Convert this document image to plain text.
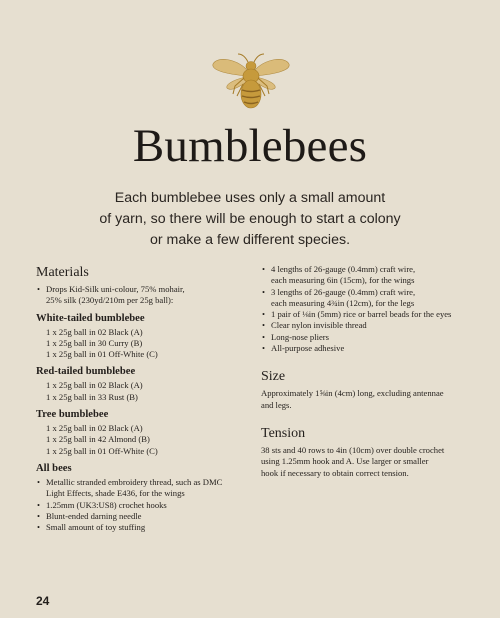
Bumblebees
Each bumblebee uses only a small amount
of yarn, so there will be enough to start a colony
or make a few different species.
Materials
• Drops Kid-Silk uni-colour, 75% mohair,
25% silk (230yd/210m per 25g ball):
White-tailed bumblebee
1 x 25g ball in 02 Black (A)
1 x 25g ball in 30 Curry (B)
1 x 25g ball in 01 Off-White (C)
Red-tailed bumblebee
1 x 25g ball in 02 Black (A)
1 x 25g ball in 33 Rust (B)
Tree bumblebee
1 x 25g ball in 02 Black (A)
1 x 25g ball in 42 Almond (B)
1 x 25g ball in 01 Off-White (C)
All bees
• Metallic stranded embroidery thread, such as DMC
Light Effects, shade E436, for the wings
• 1.25mm (UK3:US8) crochet hooks
• Blunt-ended darning needle
• Small amount of toy stuffing
• 4 lengths of 26-gauge (0.4mm) craft wire,
each measuring 6in (15cm), for the wings
• 3 lengths of 26-gauge (0.4mm) craft wire,
each measuring 4¾in (12cm), for the legs
• 1 pair of ⅛in (5mm) rice or barrel beads for the eyes
• Clear nylon invisible thread
• Long-nose pliers
• All-purpose adhesive
Size
Approximately 1⅝in (4cm) long, excluding antennae
and legs.
Tension
38 sts and 40 rows to 4in (10cm) over double crochet
using 1.25mm hook and A. Use larger or smaller
hook if necessary to obtain correct tension.
24
